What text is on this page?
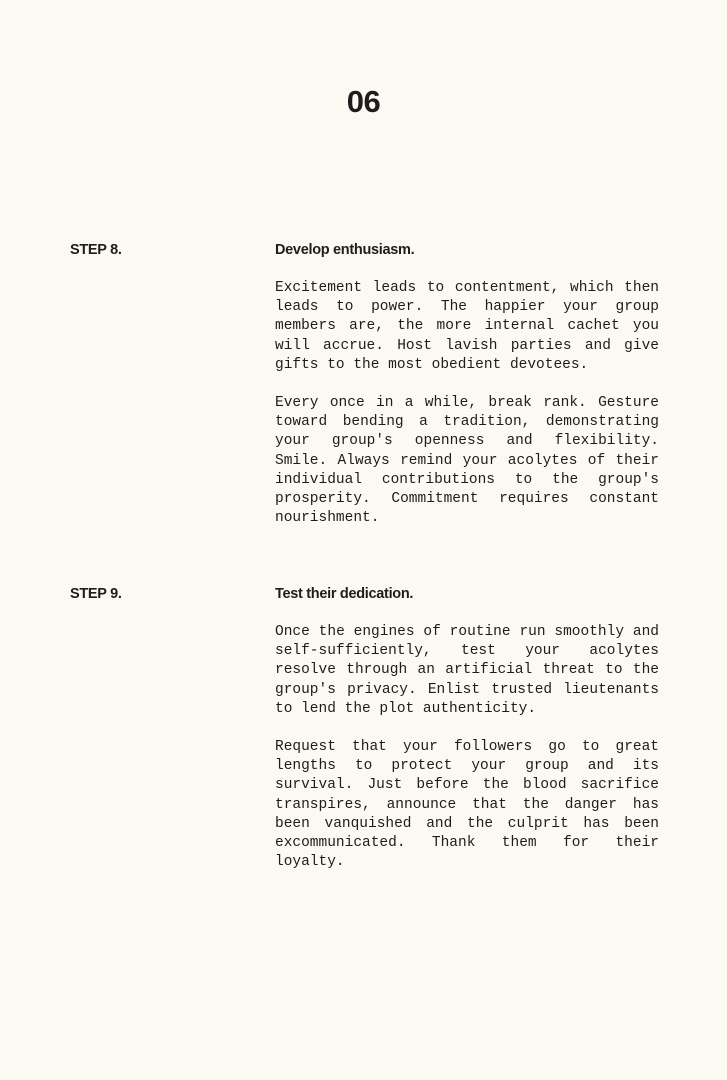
06
STEP 8.	Develop enthusiasm.

Excitement leads to contentment, which then leads to power. The happier your group members are, the more internal cachet you will accrue. Host lavish parties and give gifts to the most obedient devotees.

Every once in a while, break rank. Gesture toward bending a tradition, demonstrating your group's openness and flexibility. Smile. Always remind your acolytes of their individual contributions to the group's prosperity. Commitment requires constant nourishment.

STEP 9.	Test their dedication.

Once the engines of routine run smoothly and self-sufficiently, test your acolytes resolve through an artificial threat to the group's privacy. Enlist trusted lieutenants to lend the plot authenticity.

Request that your followers go to great lengths to protect your group and its survival. Just before the blood sacrifice transpires, announce that the danger has been vanquished and the culprit has been excommunicated. Thank them for their loyalty.
